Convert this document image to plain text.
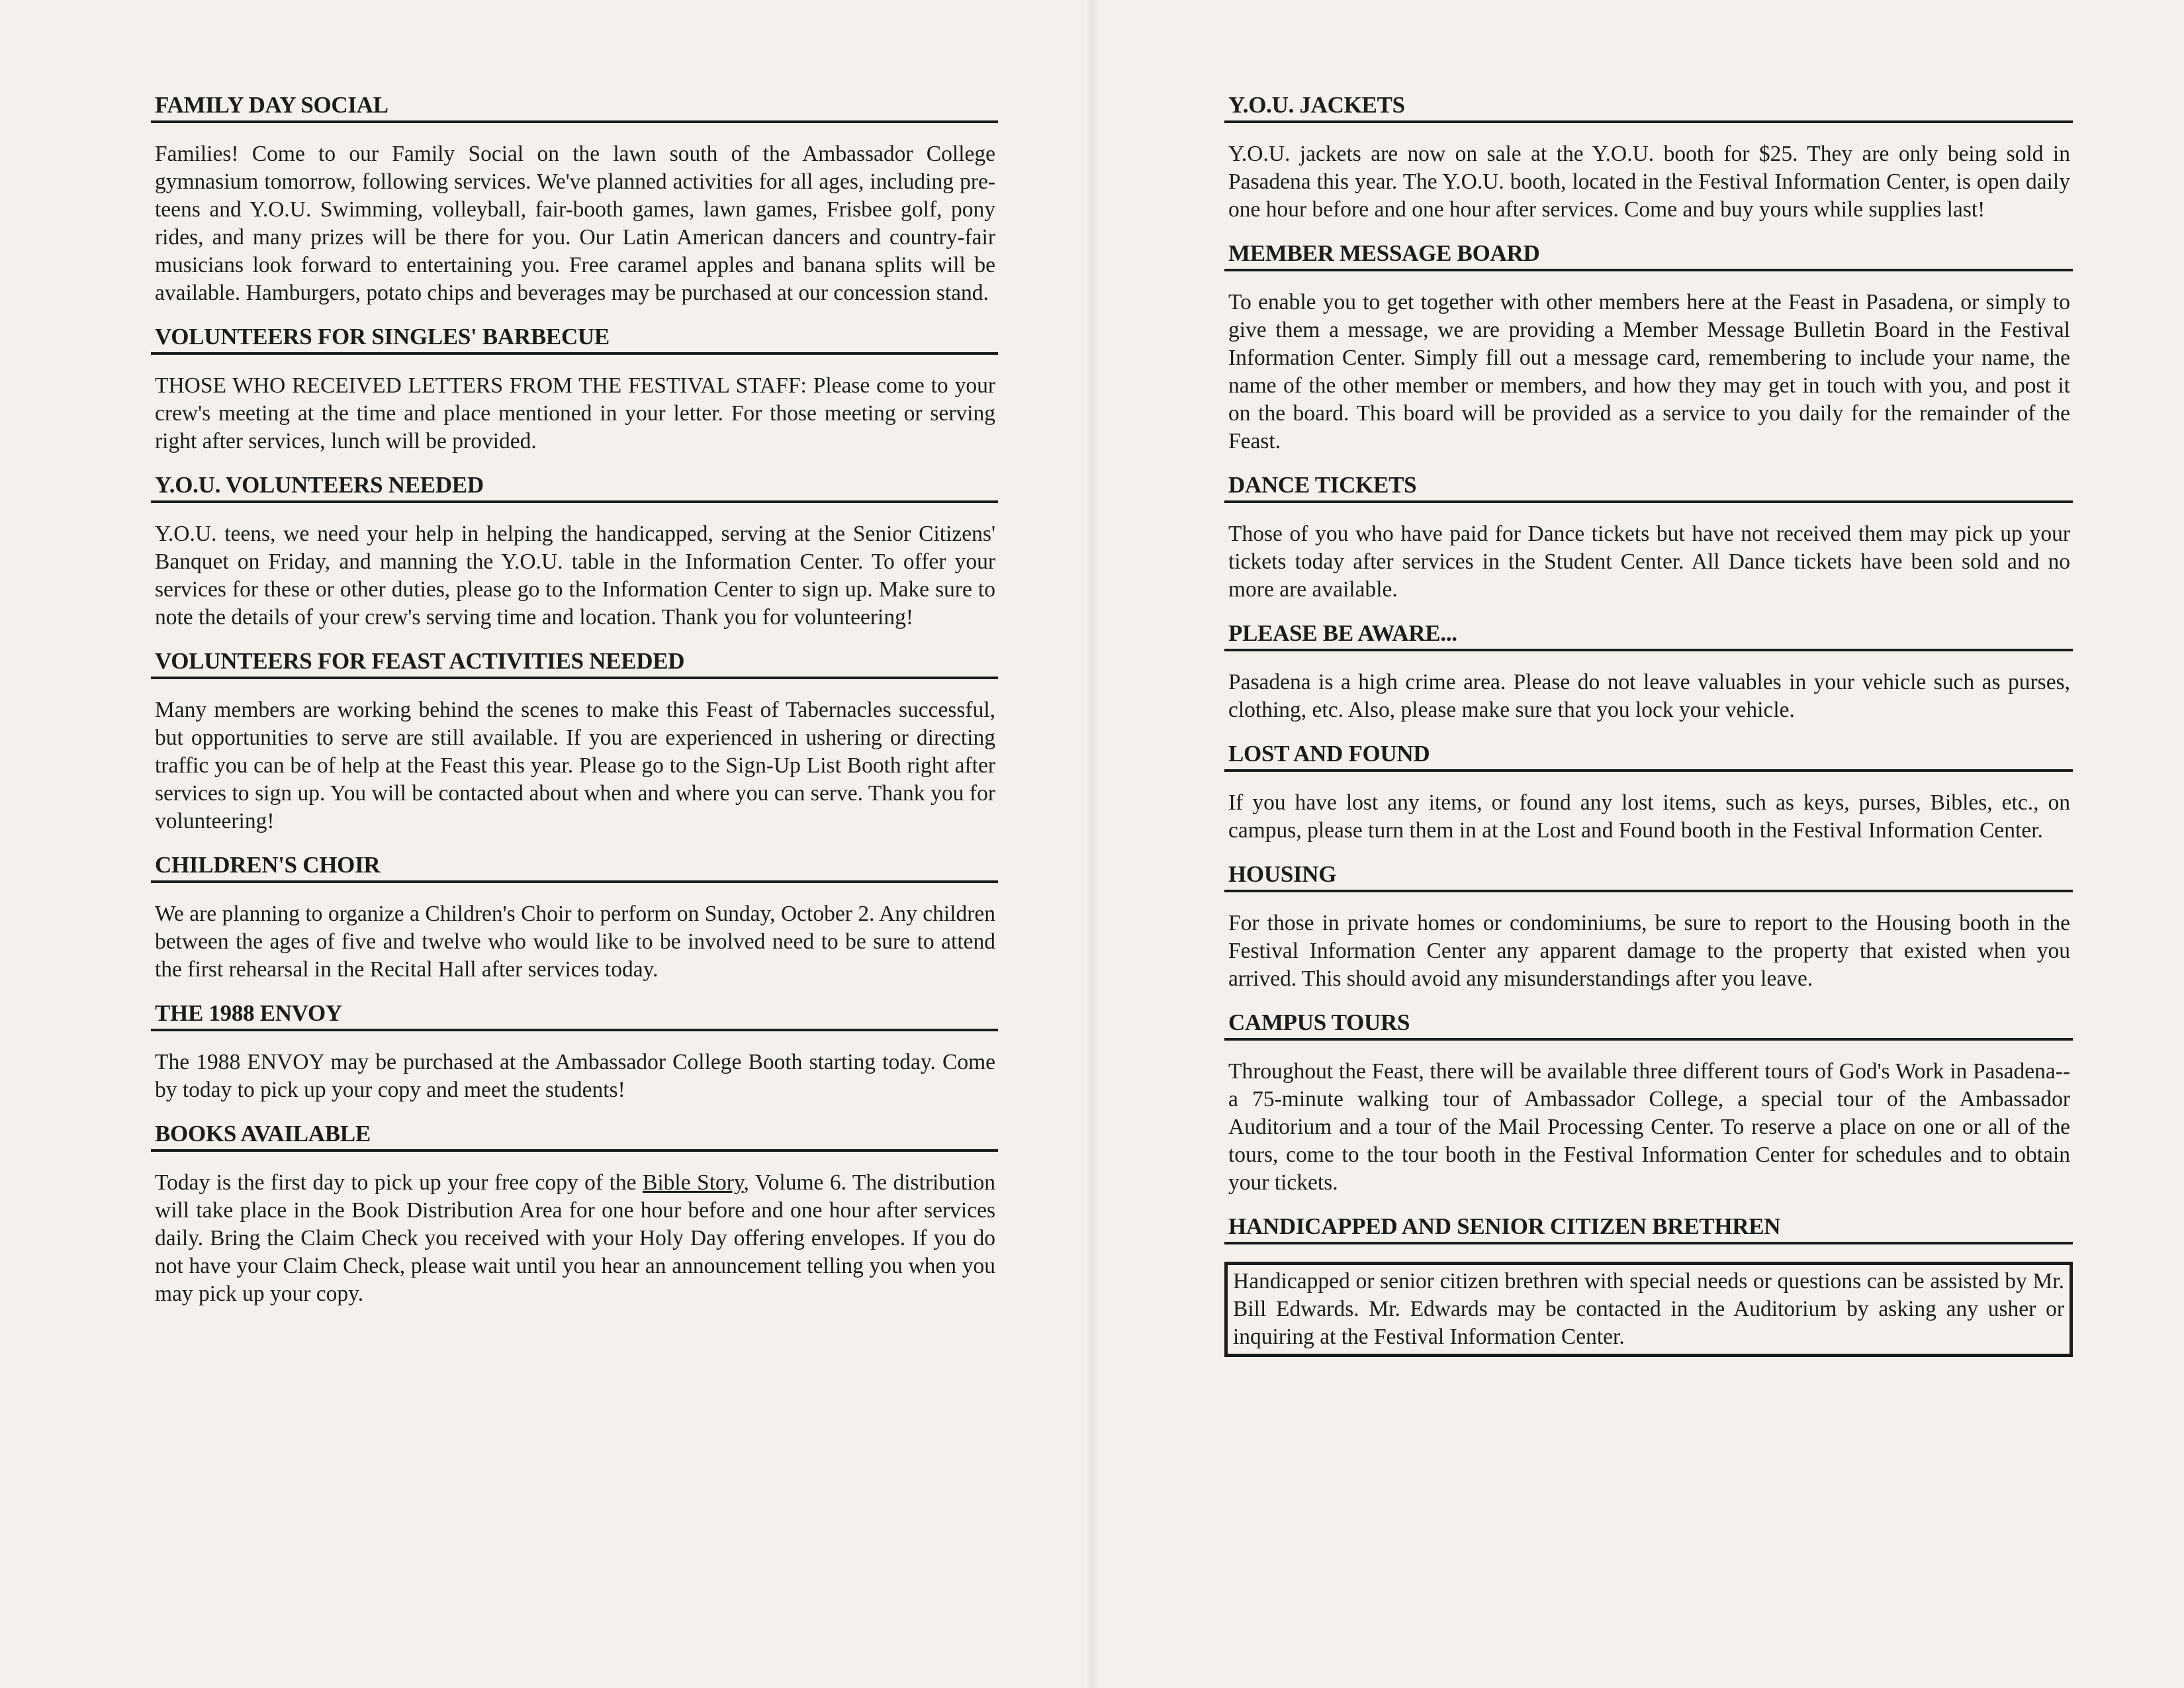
FAMILY DAY SOCIAL
Families! Come to our Family Social on the lawn south of the Ambassador College gymnasium tomorrow, following services. We've planned activities for all ages, including pre-teens and Y.O.U. Swimming, volleyball, fair-booth games, lawn games, Frisbee golf, pony rides, and many prizes will be there for you. Our Latin American dancers and country-fair musicians look forward to entertaining you. Free caramel apples and banana splits will be available. Hamburgers, potato chips and beverages may be purchased at our concession stand.
VOLUNTEERS FOR SINGLES' BARBECUE
THOSE WHO RECEIVED LETTERS FROM THE FESTIVAL STAFF: Please come to your crew's meeting at the time and place mentioned in your letter. For those meeting or serving right after services, lunch will be provided.
Y.O.U. VOLUNTEERS NEEDED
Y.O.U. teens, we need your help in helping the handicapped, serving at the Senior Citizens' Banquet on Friday, and manning the Y.O.U. table in the Information Center. To offer your services for these or other duties, please go to the Information Center to sign up. Make sure to note the details of your crew's serving time and location. Thank you for volunteering!
VOLUNTEERS FOR FEAST ACTIVITIES NEEDED
Many members are working behind the scenes to make this Feast of Tabernacles successful, but opportunities to serve are still available. If you are experienced in ushering or directing traffic you can be of help at the Feast this year. Please go to the Sign-Up List Booth right after services to sign up. You will be contacted about when and where you can serve. Thank you for volunteering!
CHILDREN'S CHOIR
We are planning to organize a Children's Choir to perform on Sunday, October 2. Any children between the ages of five and twelve who would like to be involved need to be sure to attend the first rehearsal in the Recital Hall after services today.
THE 1988 ENVOY
The 1988 ENVOY may be purchased at the Ambassador College Booth starting today. Come by today to pick up your copy and meet the students!
BOOKS AVAILABLE
Today is the first day to pick up your free copy of the Bible Story, Volume 6. The distribution will take place in the Book Distribution Area for one hour before and one hour after services daily. Bring the Claim Check you received with your Holy Day offering envelopes. If you do not have your Claim Check, please wait until you hear an announcement telling you when you may pick up your copy.
Y.O.U. JACKETS
Y.O.U. jackets are now on sale at the Y.O.U. booth for $25. They are only being sold in Pasadena this year. The Y.O.U. booth, located in the Festival Information Center, is open daily one hour before and one hour after services. Come and buy yours while supplies last!
MEMBER MESSAGE BOARD
To enable you to get together with other members here at the Feast in Pasadena, or simply to give them a message, we are providing a Member Message Bulletin Board in the Festival Information Center. Simply fill out a message card, remembering to include your name, the name of the other member or members, and how they may get in touch with you, and post it on the board. This board will be provided as a service to you daily for the remainder of the Feast.
DANCE TICKETS
Those of you who have paid for Dance tickets but have not received them may pick up your tickets today after services in the Student Center. All Dance tickets have been sold and no more are available.
PLEASE BE AWARE...
Pasadena is a high crime area. Please do not leave valuables in your vehicle such as purses, clothing, etc. Also, please make sure that you lock your vehicle.
LOST AND FOUND
If you have lost any items, or found any lost items, such as keys, purses, Bibles, etc., on campus, please turn them in at the Lost and Found booth in the Festival Information Center.
HOUSING
For those in private homes or condominiums, be sure to report to the Housing booth in the Festival Information Center any apparent damage to the property that existed when you arrived. This should avoid any misunderstandings after you leave.
CAMPUS TOURS
Throughout the Feast, there will be available three different tours of God's Work in Pasadena--a 75-minute walking tour of Ambassador College, a special tour of the Ambassador Auditorium and a tour of the Mail Processing Center. To reserve a place on one or all of the tours, come to the tour booth in the Festival Information Center for schedules and to obtain your tickets.
HANDICAPPED AND SENIOR CITIZEN BRETHREN
Handicapped or senior citizen brethren with special needs or questions can be assisted by Mr. Bill Edwards. Mr. Edwards may be contacted in the Auditorium by asking any usher or inquiring at the Festival Information Center.
